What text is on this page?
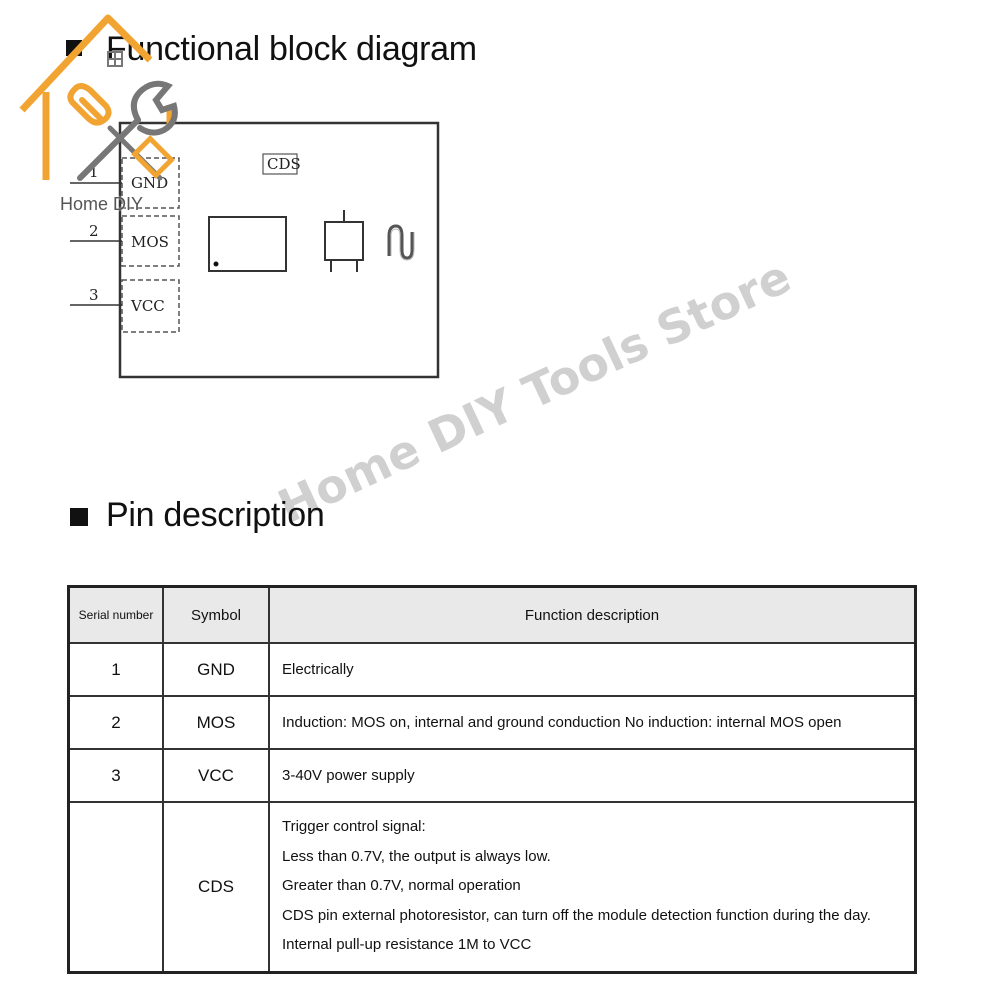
Functional block diagram
CDS
GND
MOS
VCC
1
2
3
Home DIY
Home DIY Tools Store
Pin description
Serial number	Symbol	Function description
1	GND	Electrically
2	MOS	Induction: MOS on, internal and ground conduction No induction: internal MOS open
3	VCC	3-40V power supply
	CDS	Trigger control signal:
Less than 0.7V, the output is always low.
Greater than 0.7V, normal operation
CDS pin external photoresistor, can turn off the module detection function during the day.
Internal pull-up resistance 1M to VCC
